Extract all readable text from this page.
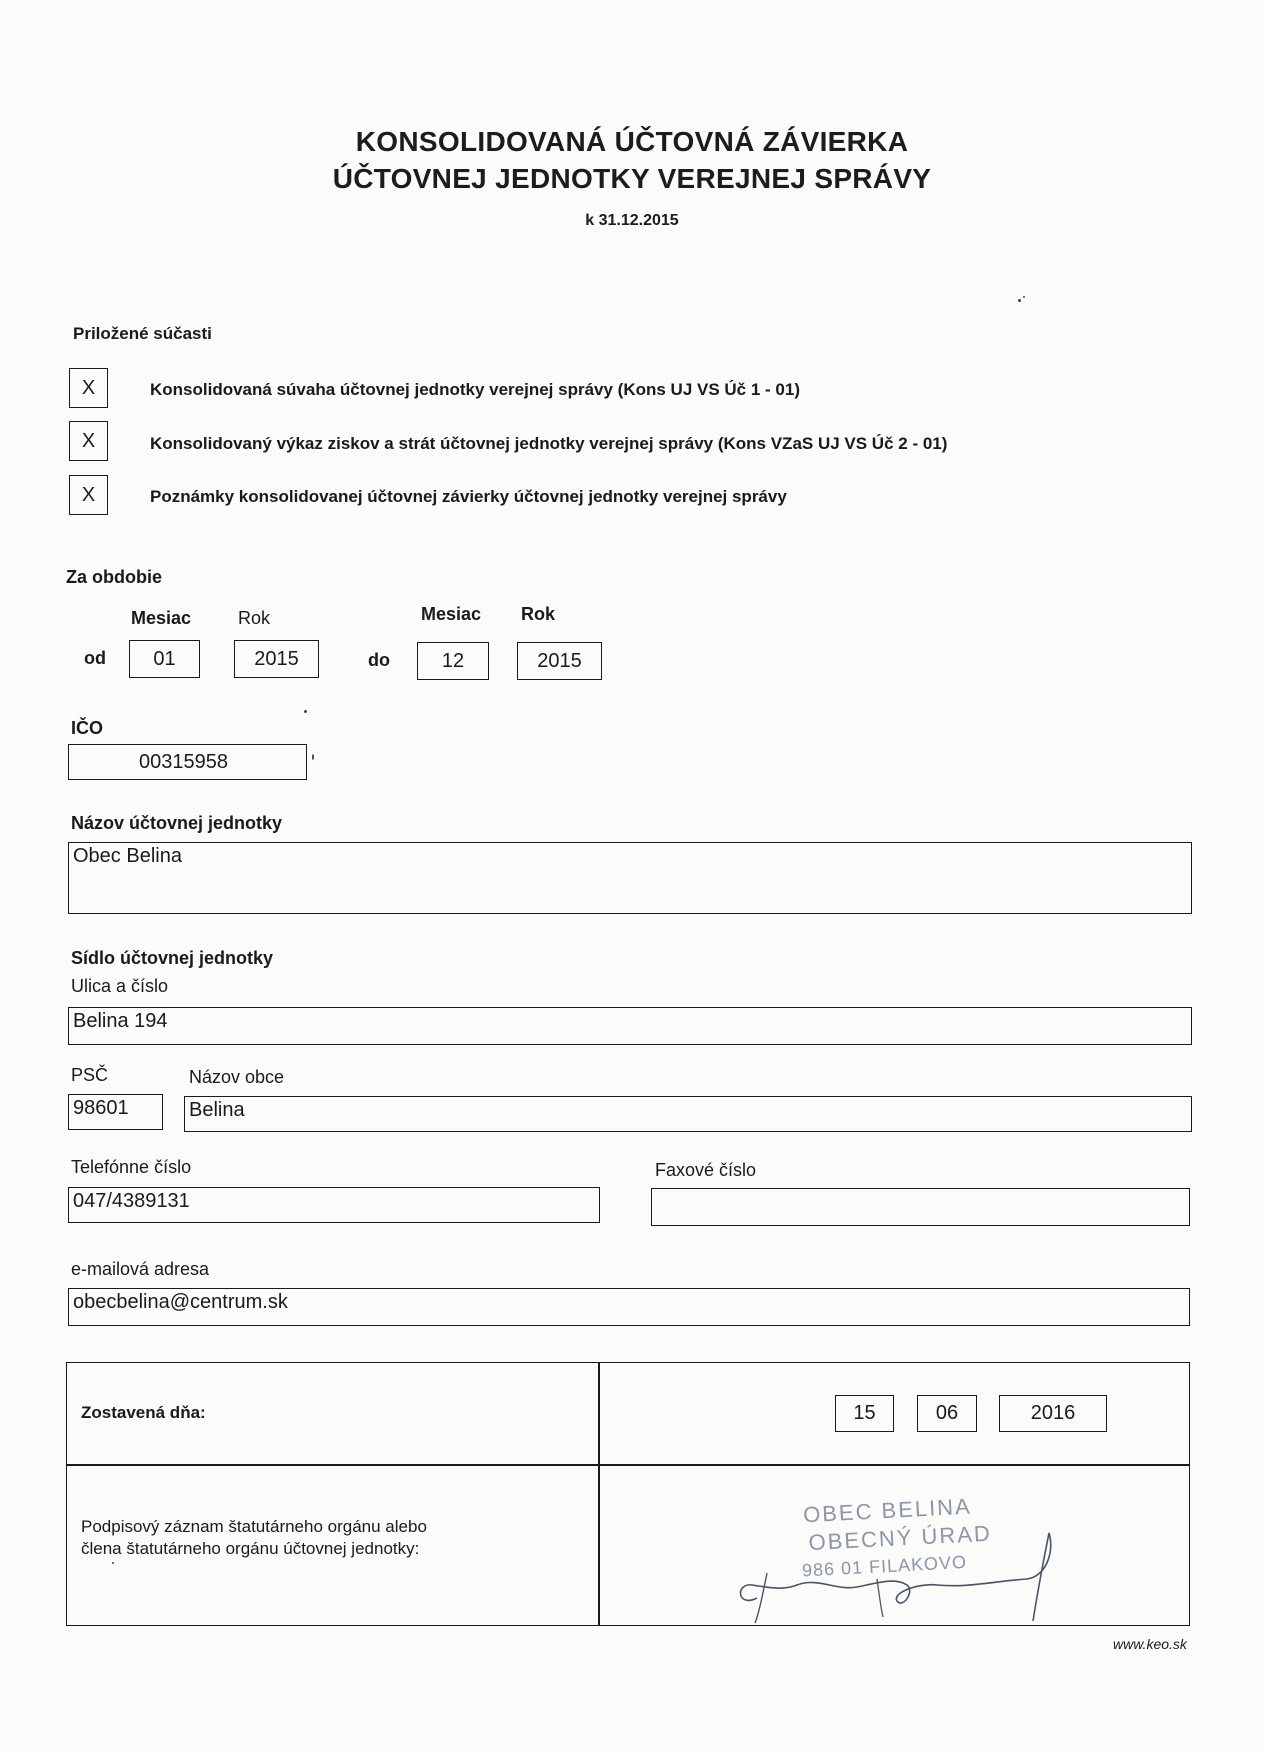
KONSOLIDOVANÁ ÚČTOVNÁ ZÁVIERKA
ÚČTOVNEJ JEDNOTKY VEREJNEJ SPRÁVY
k 31.12.2015
Priložené súčasti
X	Konsolidovaná súvaha účtovnej jednotky verejnej správy (Kons UJ VS Úč 1 - 01)
X	Konsolidovaný výkaz ziskov a strát účtovnej jednotky verejnej správy (Kons VZaS UJ VS Úč 2 - 01)
X	Poznámky konsolidovanej účtovnej závierky účtovnej jednotky verejnej správy
Za obdobie
Mesiac	Rok	Mesiac Rok
od	01	2015	do	12	2015
IČO
00315958
Názov účtovnej jednotky
Obec Belina
Sídlo účtovnej jednotky
Ulica a číslo
Belina 194
PSČ	Názov obce
98601	Belina
Telefónne číslo	Faxové číslo
047/4389131
e-mailová adresa
obecbelina@centrum.sk
Zostavená dňa:	15	06	2016
Podpisový záznam štatutárneho orgánu alebo
člena štatutárneho orgánu účtovnej jednotky:
OBEC BELINA
OBECNÝ ÚRAD
986 01 FILAKOVO
www.keo.sk
